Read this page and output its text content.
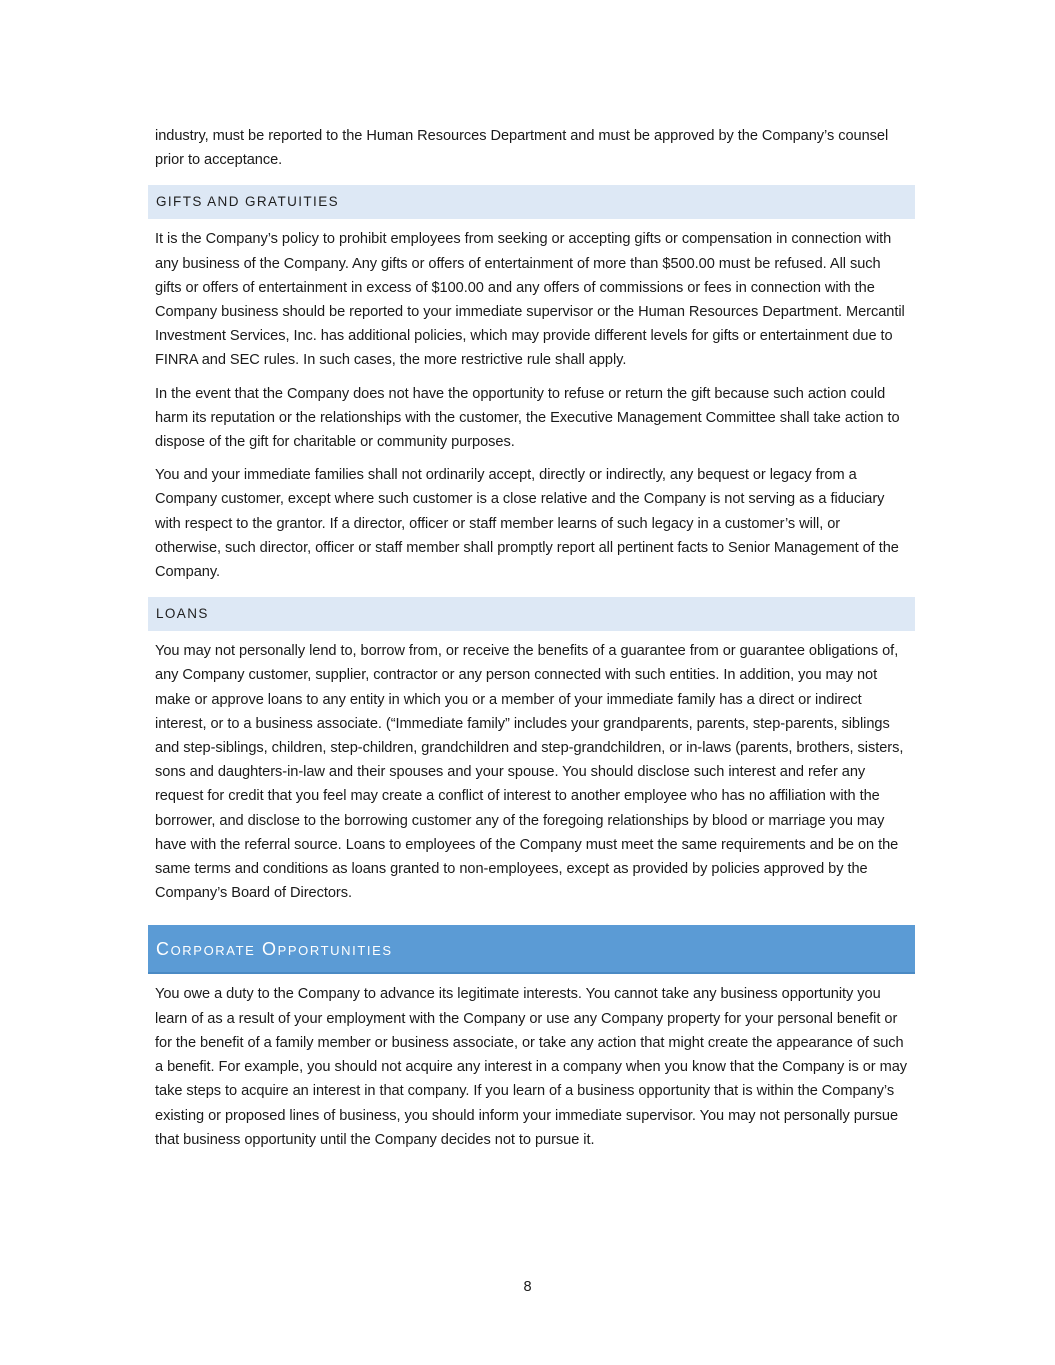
industry, must be reported to the Human Resources Department and must be approved by the Company’s counsel prior to acceptance.

GIFTS AND GRATUITIES

It is the Company’s policy to prohibit employees from seeking or accepting gifts or compensation in connection with any business of the Company. Any gifts or offers of entertainment of more than $500.00 must be refused. All such gifts or offers of entertainment in excess of $100.00 and any offers of commissions or fees in connection with the Company business should be reported to your immediate supervisor or the Human Resources Department. Mercantil Investment Services, Inc. has additional policies, which may provide different levels for gifts or entertainment due to FINRA and SEC rules. In such cases, the more restrictive rule shall apply.

In the event that the Company does not have the opportunity to refuse or return the gift because such action could harm its reputation or the relationships with the customer, the Executive Management Committee shall take action to dispose of the gift for charitable or community purposes.

You and your immediate families shall not ordinarily accept, directly or indirectly, any bequest or legacy from a Company customer, except where such customer is a close relative and the Company is not serving as a fiduciary with respect to the grantor. If a director, officer or staff member learns of such legacy in a customer’s will, or otherwise, such director, officer or staff member shall promptly report all pertinent facts to Senior Management of the Company.

LOANS

You may not personally lend to, borrow from, or receive the benefits of a guarantee from or guarantee obligations of, any Company customer, supplier, contractor or any person connected with such entities. In addition, you may not make or approve loans to any entity in which you or a member of your immediate family has a direct or indirect interest, or to a business associate. (“Immediate family” includes your grandparents, parents, step-parents, siblings and step-siblings, children, step-children, grandchildren and step-grandchildren, or in-laws (parents, brothers, sisters, sons and daughters-in-law and their spouses and your spouse. You should disclose such interest and refer any request for credit that you feel may create a conflict of interest to another employee who has no affiliation with the borrower, and disclose to the borrowing customer any of the foregoing relationships by blood or marriage you may have with the referral source. Loans to employees of the Company must meet the same requirements and be on the same terms and conditions as loans granted to non-employees, except as provided by policies approved by the Company’s Board of Directors.

Corporate Opportunities

You owe a duty to the Company to advance its legitimate interests. You cannot take any business opportunity you learn of as a result of your employment with the Company or use any Company property for your personal benefit or for the benefit of a family member or business associate, or take any action that might create the appearance of such a benefit. For example, you should not acquire any interest in a company when you know that the Company is or may take steps to acquire an interest in that company. If you learn of a business opportunity that is within the Company’s existing or proposed lines of business, you should inform your immediate supervisor. You may not personally pursue that business opportunity until the Company decides not to pursue it.

8
